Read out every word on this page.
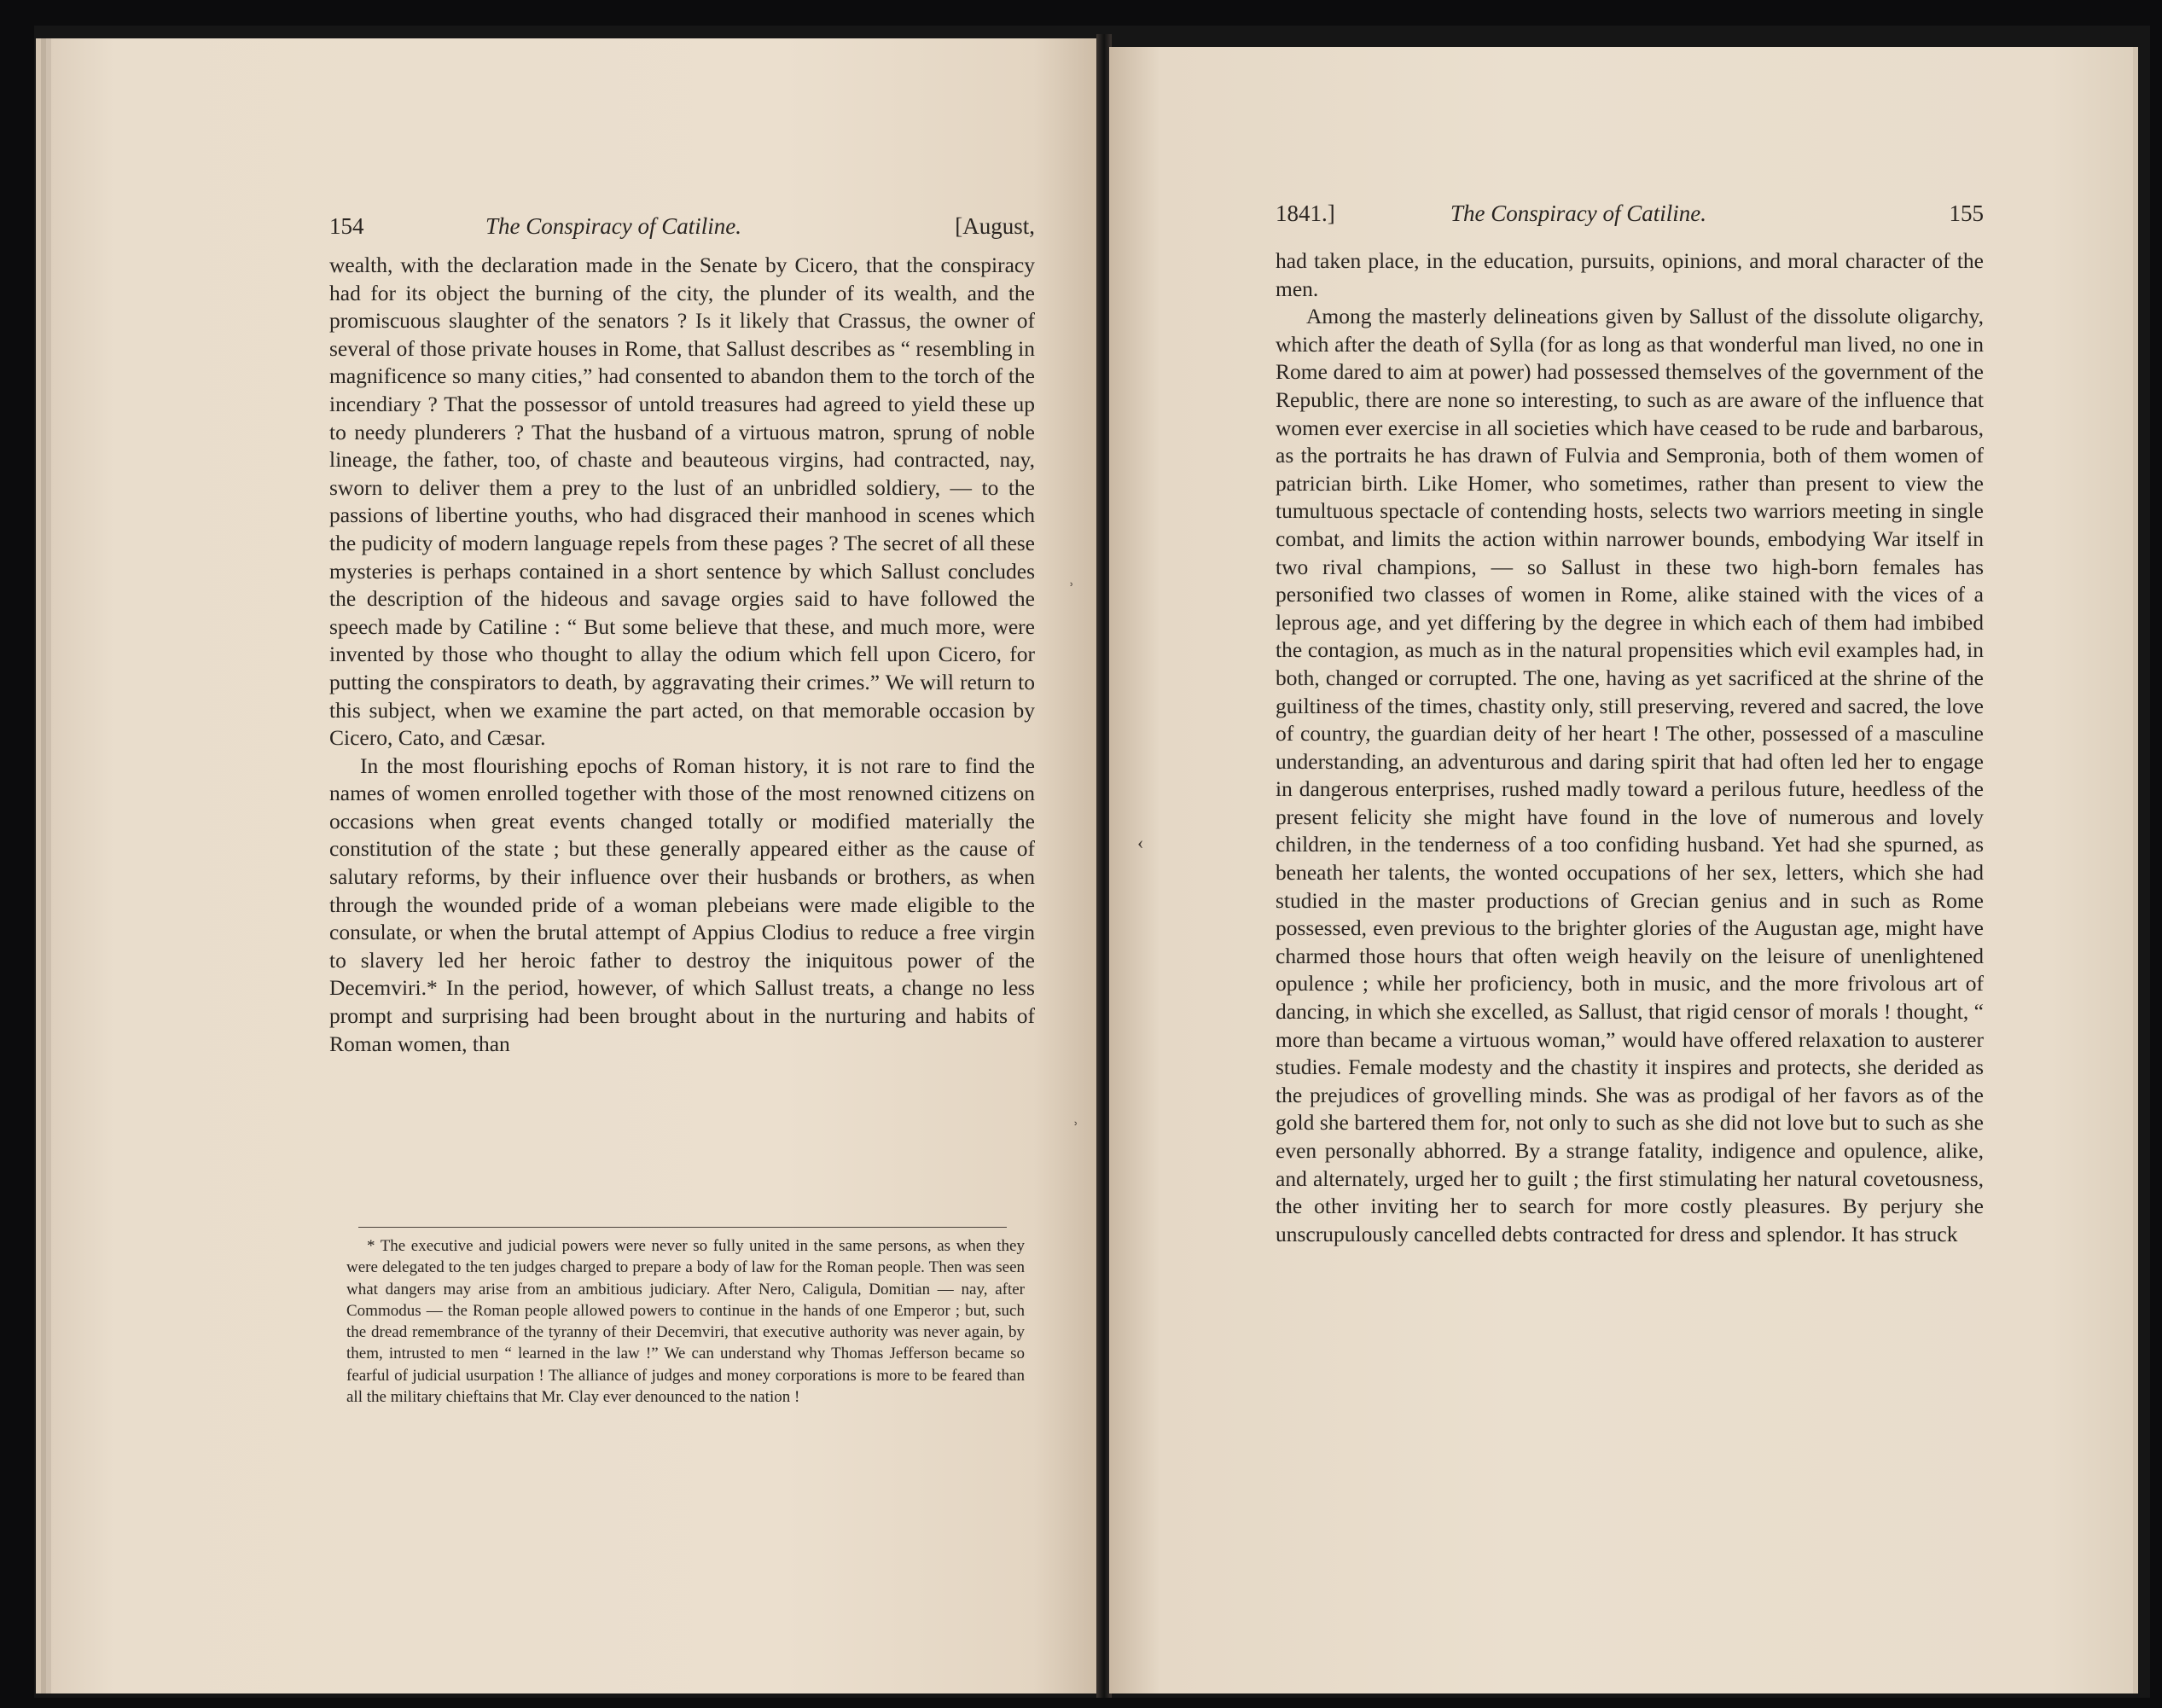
154	The Conspiracy of Catiline.	[August,

wealth, with the declaration made in the Senate by Cicero, that the conspiracy had for its object the burning of the city, the plunder of its wealth, and the promiscuous slaughter of the senators ? Is it likely that Crassus, the owner of several of those private houses in Rome, that Sallust describes as “ resembling in magnificence so many cities,” had consented to abandon them to the torch of the incendiary ? That the possessor of untold treasures had agreed to yield these up to needy plunderers ? That the husband of a virtuous matron, sprung of noble lineage, the father, too, of chaste and beauteous virgins, had contracted, nay, sworn to deliver them a prey to the lust of an unbridled soldiery, — to the passions of libertine youths, who had disgraced their manhood in scenes which the pudicity of modern language repels from these pages ? The secret of all these mysteries is perhaps contained in a short sentence by which Sallust concludes the description of the hideous and savage orgies said to have followed the speech made by Catiline : “ But some believe that these, and much more, were invented by those who thought to allay the odium which fell upon Cicero, for putting the conspirators to death, by aggravating their crimes.” We will return to this subject, when we examine the part acted, on that memorable occasion by Cicero, Cato, and Cæsar.

In the most flourishing epochs of Roman history, it is not rare to find the names of women enrolled together with those of the most renowned citizens on occasions when great events changed totally or modified materially the constitution of the state ; but these generally appeared either as the cause of salutary reforms, by their influence over their husbands or brothers, as when through the wounded pride of a woman plebeians were made eligible to the consulate, or when the brutal attempt of Appius Clodius to reduce a free virgin to slavery led her heroic father to destroy the iniquitous power of the Decemviri.* In the period, however, of which Sallust treats, a change no less prompt and surprising had been brought about in the nurturing and habits of Roman women, than

* The executive and judicial powers were never so fully united in the same persons, as when they were delegated to the ten judges charged to prepare a body of law for the Roman people. Then was seen what dangers may arise from an ambitious judiciary. After Nero, Caligula, Domitian — nay, after Commodus — the Roman people allowed powers to continue in the hands of one Emperor ; but, such the dread remembrance of the tyranny of their Decemviri, that executive authority was never again, by them, intrusted to men “ learned in the law !” We can understand why Thomas Jefferson became so fearful of judicial usurpation ! The alliance of judges and money corporations is more to be feared than all the military chieftains that Mr. Clay ever denounced to the nation !

1841.]	The Conspiracy of Catiline.	155

had taken place, in the education, pursuits, opinions, and moral character of the men.

Among the masterly delineations given by Sallust of the dissolute oligarchy, which after the death of Sylla (for as long as that wonderful man lived, no one in Rome dared to aim at power) had possessed themselves of the government of the Republic, there are none so interesting, to such as are aware of the influence that women ever exercise in all societies which have ceased to be rude and barbarous, as the portraits he has drawn of Fulvia and Sempronia, both of them women of patrician birth. Like Homer, who sometimes, rather than present to view the tumultuous spectacle of contending hosts, selects two warriors meeting in single combat, and limits the action within narrower bounds, embodying War itself in two rival champions, — so Sallust in these two high-born females has personified two classes of women in Rome, alike stained with the vices of a leprous age, and yet differing by the degree in which each of them had imbibed the contagion, as much as in the natural propensities which evil examples had, in both, changed or corrupted. The one, having as yet sacrificed at the shrine of the guiltiness of the times, chastity only, still preserving, revered and sacred, the love of country, the guardian deity of her heart ! The other, possessed of a masculine understanding, an adventurous and daring spirit that had often led her to engage in dangerous enterprises, rushed madly toward a perilous future, heedless of the present felicity she might have found in the love of numerous and lovely children, in the tenderness of a too confiding husband. Yet had she spurned, as beneath her talents, the wonted occupations of her sex, letters, which she had studied in the master productions of Grecian genius and in such as Rome possessed, even previous to the brighter glories of the Augustan age, might have charmed those hours that often weigh heavily on the leisure of unenlightened opulence ; while her proficiency, both in music, and the more frivolous art of dancing, in which she excelled, as Sallust, that rigid censor of morals ! thought, “ more than became a virtuous woman,” would have offered relaxation to austerer studies. Female modesty and the chastity it inspires and protects, she derided as the prejudices of grovelling minds. She was as prodigal of her favors as of the gold she bartered them for, not only to such as she did not love but to such as she even personally abhorred. By a strange fatality, indigence and opulence, alike, and alternately, urged her to guilt ; the first stimulating her natural covetousness, the other inviting her to search for more costly pleasures. By perjury she unscrupulously cancelled debts contracted for dress and splendor. It has struck

˒
‹
˒
